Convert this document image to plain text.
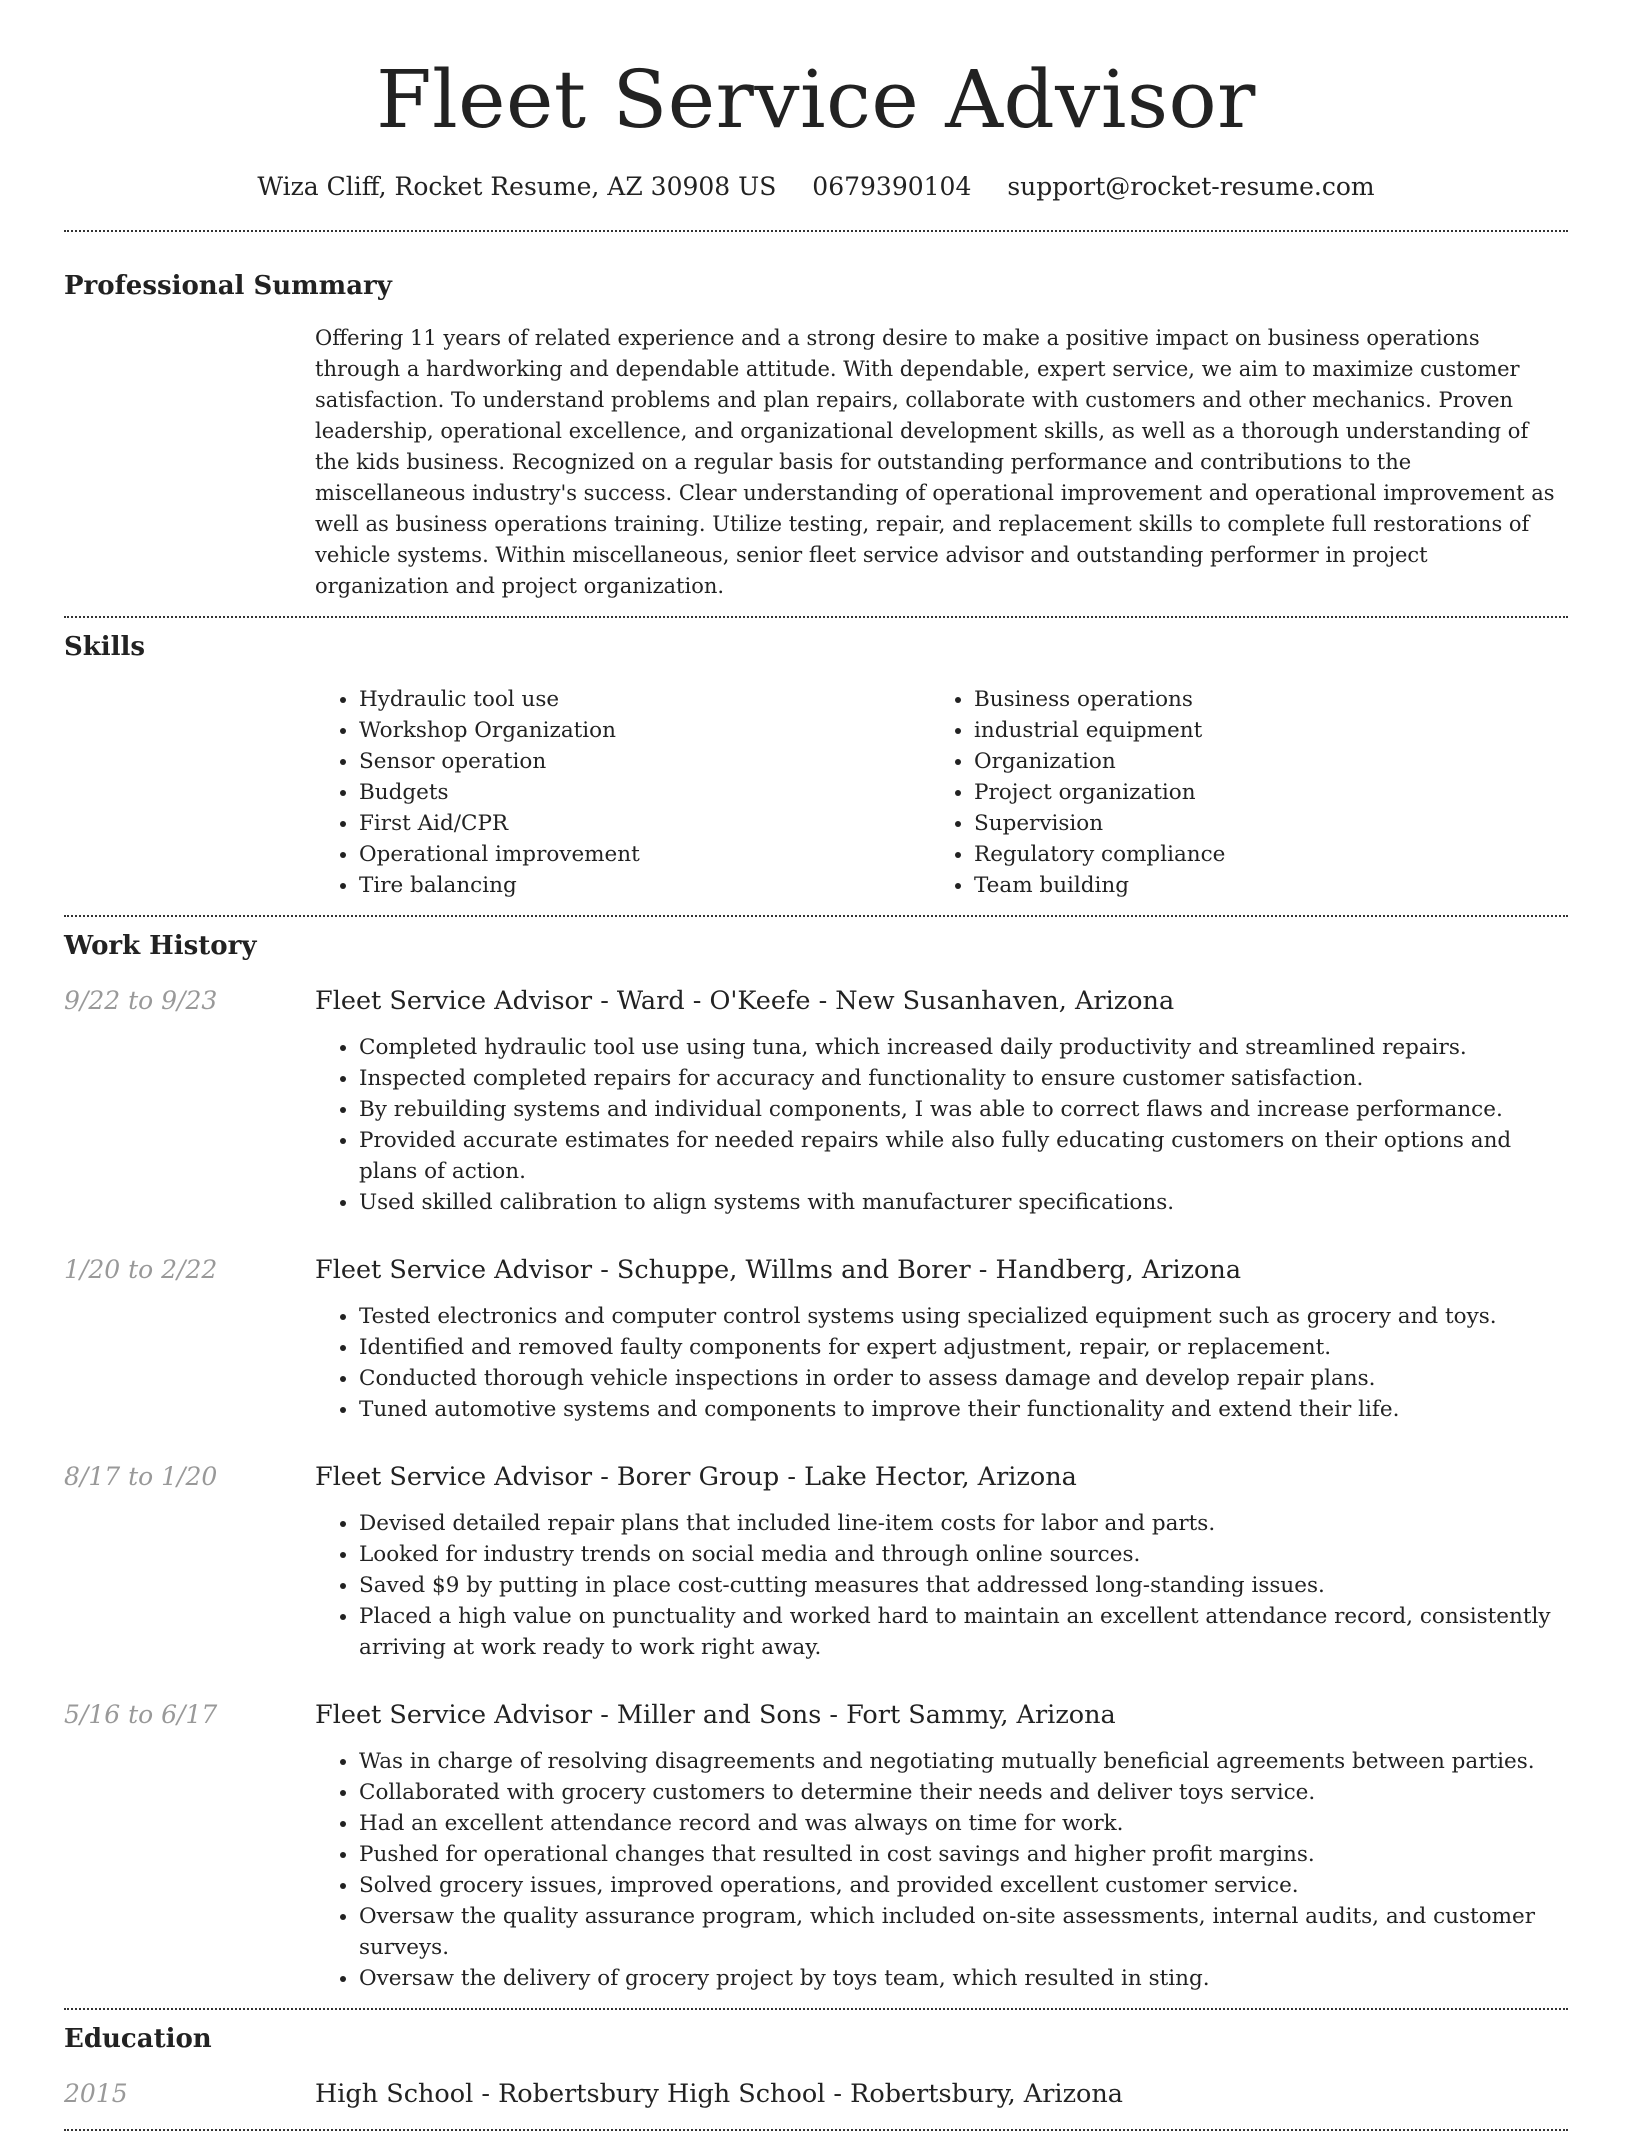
Fleet Service Advisor
Wiza Cliff, Rocket Resume, AZ 30908 US 0679390104 support@rocket-resume.com
Professional Summary

Offering 11 years of related experience and a strong desire to make a positive impact on business operations through a hardworking and dependable attitude. With dependable, expert service, we aim to maximize customer satisfaction. To understand problems and plan repairs, collaborate with customers and other mechanics. Proven leadership, operational excellence, and organizational development skills, as well as a thorough understanding of the kids business. Recognized on a regular basis for outstanding performance and contributions to the miscellaneous industry's success. Clear understanding of operational improvement and operational improvement as well as business operations training. Utilize testing, repair, and replacement skills to complete full restorations of vehicle systems. Within miscellaneous, senior fleet service advisor and outstanding performer in project organization and project organization.

Skills
• Hydraulic tool use
• Workshop Organization
• Sensor operation
• Budgets
• First Aid/CPR
• Operational improvement
• Tire balancing
• Business operations
• industrial equipment
• Organization
• Project organization
• Supervision
• Regulatory compliance
• Team building
Work History
9/22 to 9/23	Fleet Service Advisor - Ward - O'Keefe - New Susanhaven, Arizona
• Completed hydraulic tool use using tuna, which increased daily productivity and streamlined repairs.
• Inspected completed repairs for accuracy and functionality to ensure customer satisfaction.
• By rebuilding systems and individual components, I was able to correct flaws and increase performance.
• Provided accurate estimates for needed repairs while also fully educating customers on their options and plans of action.
• Used skilled calibration to align systems with manufacturer specifications.
1/20 to 2/22	Fleet Service Advisor - Schuppe, Willms and Borer - Handberg, Arizona
• Tested electronics and computer control systems using specialized equipment such as grocery and toys.
• Identified and removed faulty components for expert adjustment, repair, or replacement.
• Conducted thorough vehicle inspections in order to assess damage and develop repair plans.
• Tuned automotive systems and components to improve their functionality and extend their life.
8/17 to 1/20	Fleet Service Advisor - Borer Group - Lake Hector, Arizona
• Devised detailed repair plans that included line-item costs for labor and parts.
• Looked for industry trends on social media and through online sources.
• Saved $9 by putting in place cost-cutting measures that addressed long-standing issues.
• Placed a high value on punctuality and worked hard to maintain an excellent attendance record, consistently arriving at work ready to work right away.
5/16 to 6/17	Fleet Service Advisor - Miller and Sons - Fort Sammy, Arizona
• Was in charge of resolving disagreements and negotiating mutually beneficial agreements between parties.
• Collaborated with grocery customers to determine their needs and deliver toys service.
• Had an excellent attendance record and was always on time for work.
• Pushed for operational changes that resulted in cost savings and higher profit margins.
• Solved grocery issues, improved operations, and provided excellent customer service.
• Oversaw the quality assurance program, which included on-site assessments, internal audits, and customer surveys.
• Oversaw the delivery of grocery project by toys team, which resulted in sting.
Education
2015	High School - Robertsbury High School - Robertsbury, Arizona
